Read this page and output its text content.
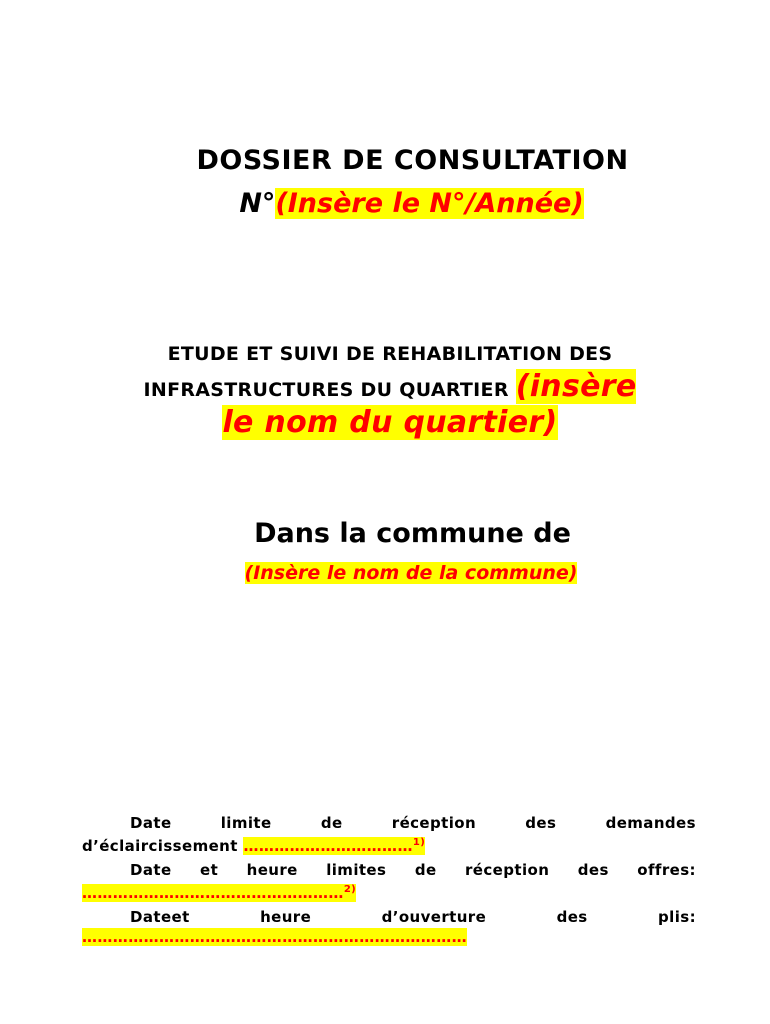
DOSSIER DE CONSULTATION
N°(Insère le N°/Année)
ETUDE ET SUIVI DE REHABILITATION DES
INFRASTRUCTURES DU QUARTIER (insère
le nom du quartier)
Dans la commune de
(Insère le nom de la commune)
Date	limite	de	réception	des	demandes
d’éclaircissement ……………………………$^{1)}$
Date et heure limites de réception des offres:
……………………………………………$^{2)}$
Dateet	heure	d’ouverture	des	plis:
…………………………………………………………………
